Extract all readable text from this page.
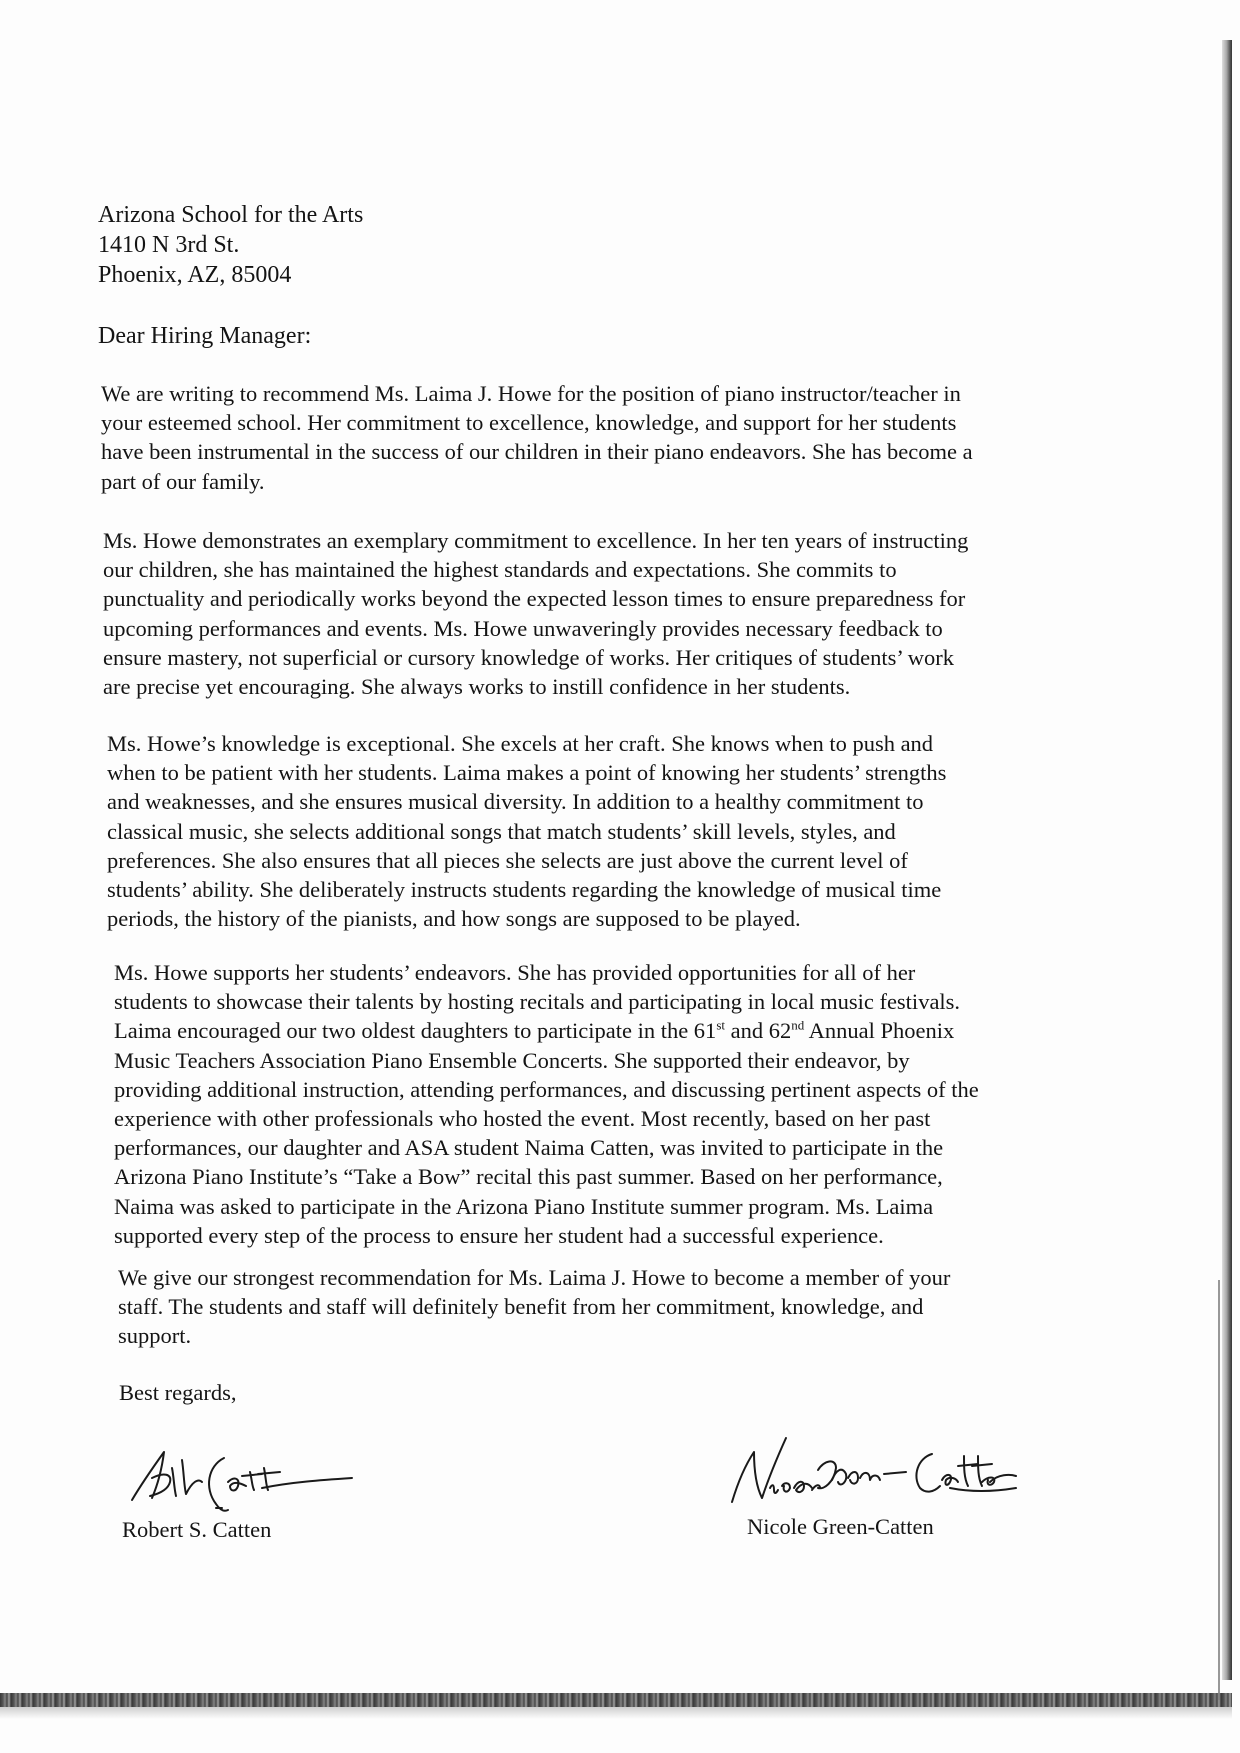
Arizona School for the Arts
1410 N 3rd St.
Phoenix, AZ, 85004
Dear Hiring Manager:

We are writing to recommend Ms. Laima J. Howe for the position of piano instructor/teacher in
your esteemed school. Her commitment to excellence, knowledge, and support for her students
have been instrumental in the success of our children in their piano endeavors. She has become a
part of our family.

Ms. Howe demonstrates an exemplary commitment to excellence. In her ten years of instructing
our children, she has maintained the highest standards and expectations. She commits to
punctuality and periodically works beyond the expected lesson times to ensure preparedness for
upcoming performances and events. Ms. Howe unwaveringly provides necessary feedback to
ensure mastery, not superficial or cursory knowledge of works. Her critiques of students’ work
are precise yet encouraging. She always works to instill confidence in her students.

Ms. Howe’s knowledge is exceptional. She excels at her craft. She knows when to push and
when to be patient with her students. Laima makes a point of knowing her students’ strengths
and weaknesses, and she ensures musical diversity. In addition to a healthy commitment to
classical music, she selects additional songs that match students’ skill levels, styles, and
preferences. She also ensures that all pieces she selects are just above the current level of
students’ ability. She deliberately instructs students regarding the knowledge of musical time
periods, the history of the pianists, and how songs are supposed to be played.

Ms. Howe supports her students’ endeavors. She has provided opportunities for all of her
students to showcase their talents by hosting recitals and participating in local music festivals.
Laima encouraged our two oldest daughters to participate in the 61st and 62nd Annual Phoenix
Music Teachers Association Piano Ensemble Concerts. She supported their endeavor, by
providing additional instruction, attending performances, and discussing pertinent aspects of the
experience with other professionals who hosted the event. Most recently, based on her past
performances, our daughter and ASA student Naima Catten, was invited to participate in the
Arizona Piano Institute’s “Take a Bow” recital this past summer. Based on her performance,
Naima was asked to participate in the Arizona Piano Institute summer program. Ms. Laima
supported every step of the process to ensure her student had a successful experience.

We give our strongest recommendation for Ms. Laima J. Howe to become a member of your
staff. The students and staff will definitely benefit from her commitment, knowledge, and
support.

Best regards,
Robert S. Catten	Nicole Green-Catten
